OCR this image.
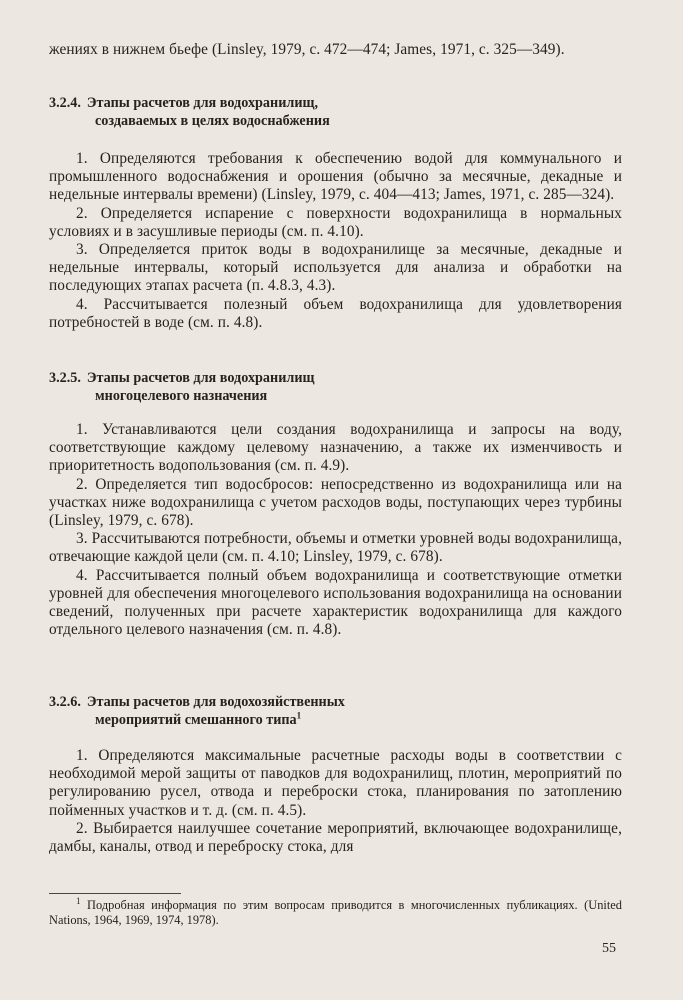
жениях в нижнем бьефе (Linsley, 1979, с. 472—474; James, 1971, с. 325—349).

3.2.4. Этапы расчетов для водохранилищ,
создаваемых в целях водоснабжения

1. Определяются требования к обеспечению водой для коммунального и промышленного водоснабжения и орошения (обычно за месячные, декадные и недельные интервалы времени) (Linsley, 1979, с. 404—413; James, 1971, с. 285—324).

2. Определяется испарение с поверхности водохранилища в нормальных условиях и в засушливые периоды (см. п. 4.10).

3. Определяется приток воды в водохранилище за месячные, декадные и недельные интервалы, который используется для анализа и обработки на последующих этапах расчета (п. 4.8.3, 4.3).

4. Рассчитывается полезный объем водохранилища для удовлетворения потребностей в воде (см. п. 4.8).

3.2.5. Этапы расчетов для водохранилищ
многоцелевого назначения

1. Устанавливаются цели создания водохранилища и запросы на воду, соответствующие каждому целевому назначению, а также их изменчивость и приоритетность водопользования (см. п. 4.9).

2. Определяется тип водосбросов: непосредственно из водохранилища или на участках ниже водохранилища с учетом расходов воды, поступающих через турбины (Linsley, 1979, с. 678).

3. Рассчитываются потребности, объемы и отметки уровней воды водохранилища, отвечающие каждой цели (см. п. 4.10; Linsley, 1979, с. 678).

4. Рассчитывается полный объем водохранилища и соответствующие отметки уровней для обеспечения многоцелевого использования водохранилища на основании сведений, полученных при расчете характеристик водохранилища для каждого отдельного целевого назначения (см. п. 4.8).

3.2.6. Этапы расчетов для водохозяйственных
мероприятий смешанного типа$^1$

1. Определяются максимальные расчетные расходы воды в соответствии с необходимой мерой защиты от паводков для водохранилищ, плотин, мероприятий по регулированию русел, отвода и переброски стока, планирования по затоплению пойменных участков и т. д. (см. п. 4.5).

2. Выбирается наилучшее сочетание мероприятий, включающее водохранилище, дамбы, каналы, отвод и переброску стока, для

$^1$ Подробная информация по этим вопросам приводится в многочисленных публикациях. (United Nations, 1964, 1969, 1974, 1978).
55
